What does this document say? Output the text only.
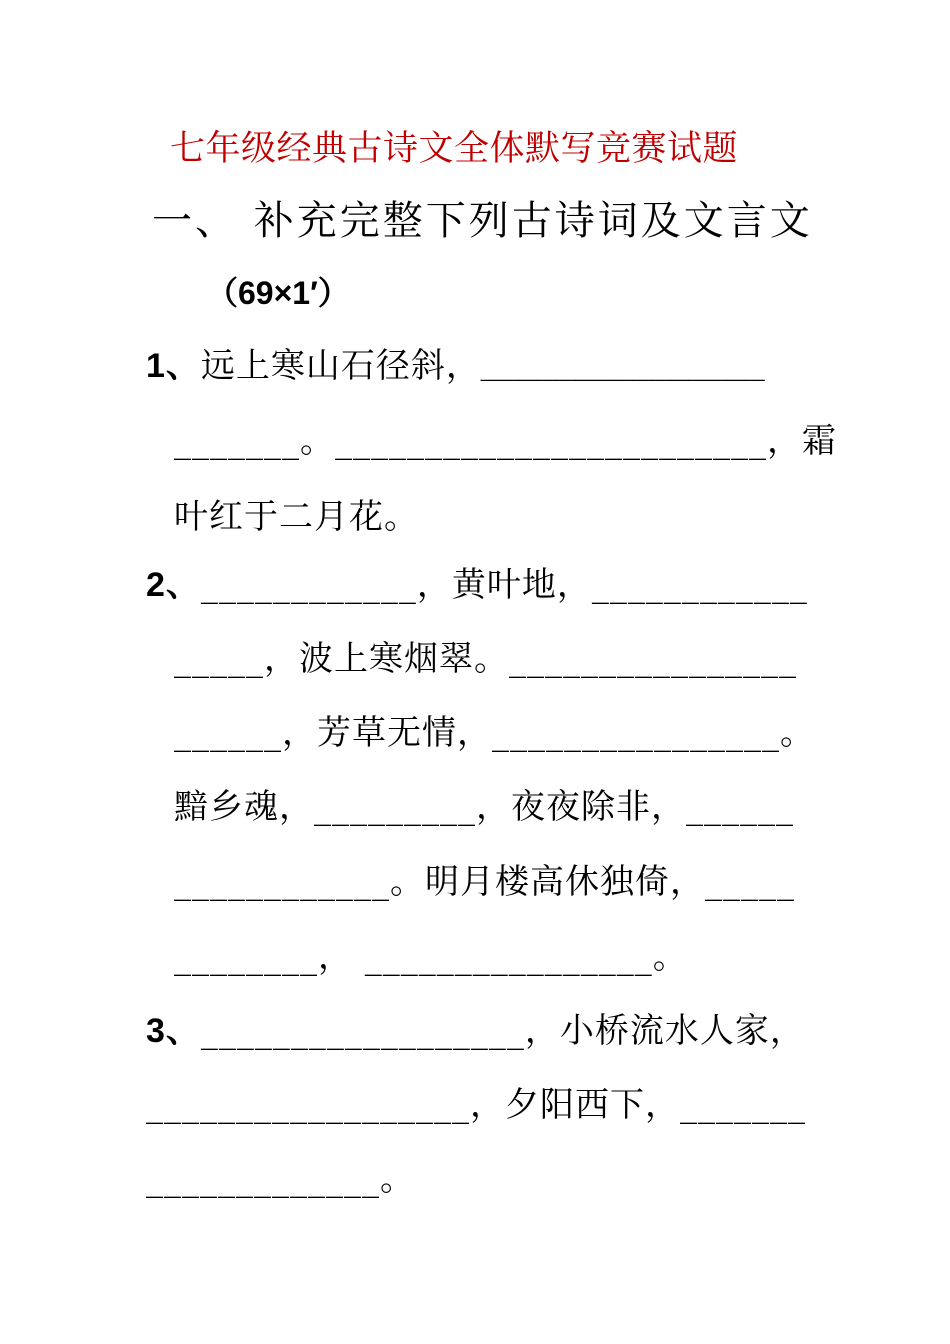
七年级经典古诗文全体默写竞赛试题
一、 补充完整下列古诗词及文言文
（69×1′）
1、远上寒山石径斜，_______________
_______。________________________，霜
叶红于二月花。
2、____________，黄叶地，____________
_____，波上寒烟翠。________________
______，芳草无情，________________。
黯乡魂，_________，夜夜除非，______
____________。明月楼高休独倚，_____
________， ________________。
3、__________________，小桥流水人家，
__________________，夕阳西下，_______
_____________。
